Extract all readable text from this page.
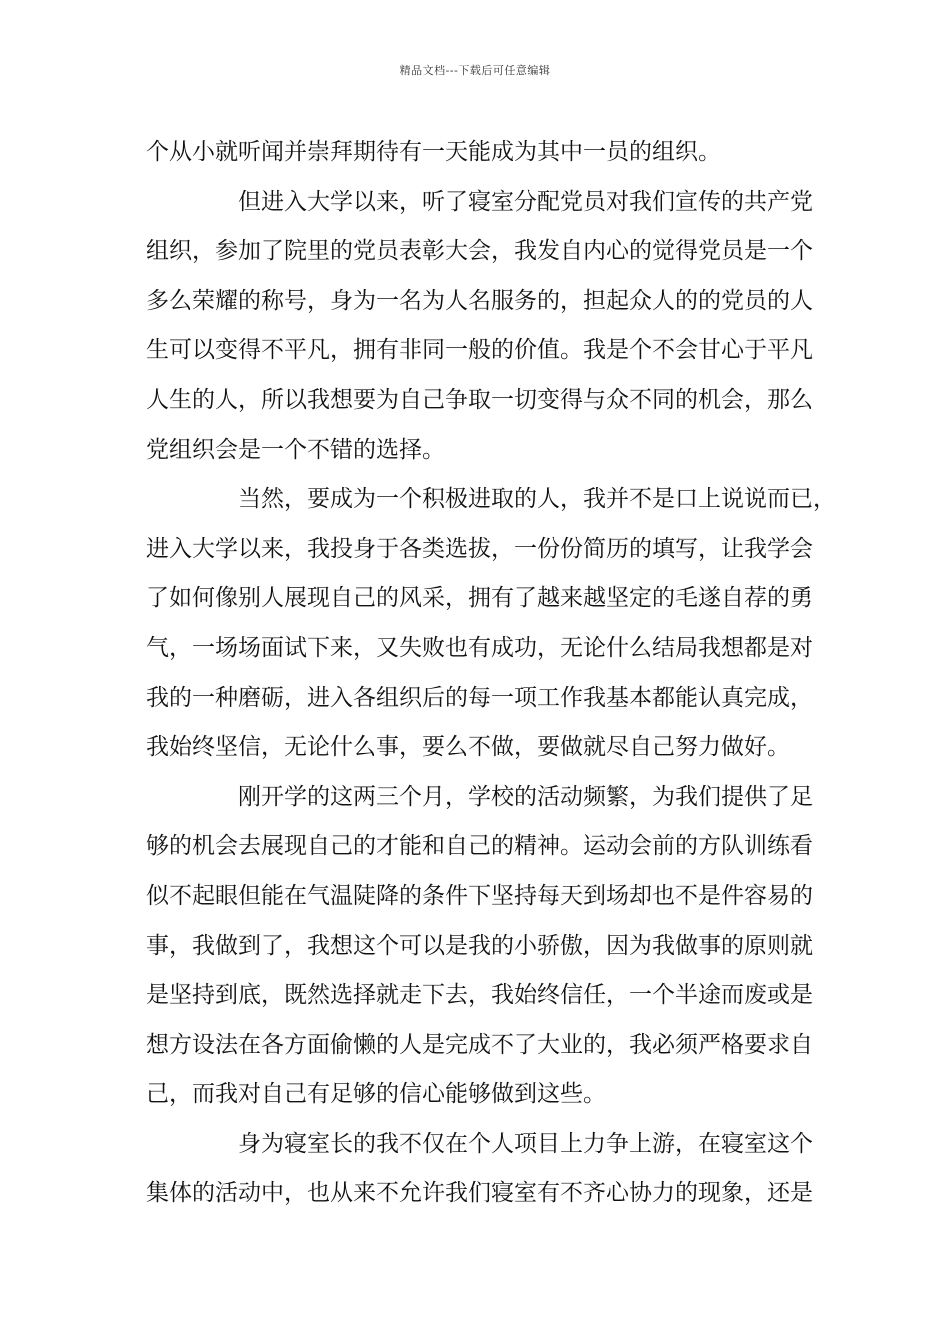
精品文档---下载后可任意编辑
个从小就听闻并崇拜期待有一天能成为其中一员的组织。
但进入大学以来，听了寝室分配党员对我们宣传的共产党
组织，参加了院里的党员表彰大会，我发自内心的觉得党员是一个
多么荣耀的称号，身为一名为人名服务的，担起众人的的党员的人
生可以变得不平凡，拥有非同一般的价值。我是个不会甘心于平凡
人生的人，所以我想要为自己争取一切变得与众不同的机会，那么
党组织会是一个不错的选择。
当然，要成为一个积极进取的人，我并不是口上说说而已，
进入大学以来，我投身于各类选拔，一份份简历的填写，让我学会
了如何像别人展现自己的风采，拥有了越来越坚定的毛遂自荐的勇
气，一场场面试下来，又失败也有成功，无论什么结局我想都是对
我的一种磨砺，进入各组织后的每一项工作我基本都能认真完成，
我始终坚信，无论什么事，要么不做，要做就尽自己努力做好。
刚开学的这两三个月，学校的活动频繁，为我们提供了足
够的机会去展现自己的才能和自己的精神。运动会前的方队训练看
似不起眼但能在气温陡降的条件下坚持每天到场却也不是件容易的
事，我做到了，我想这个可以是我的小骄傲，因为我做事的原则就
是坚持到底，既然选择就走下去，我始终信任，一个半途而废或是
想方设法在各方面偷懒的人是完成不了大业的，我必须严格要求自
己，而我对自己有足够的信心能够做到这些。
身为寝室长的我不仅在个人项目上力争上游，在寝室这个
集体的活动中，也从来不允许我们寝室有不齐心协力的现象，还是
